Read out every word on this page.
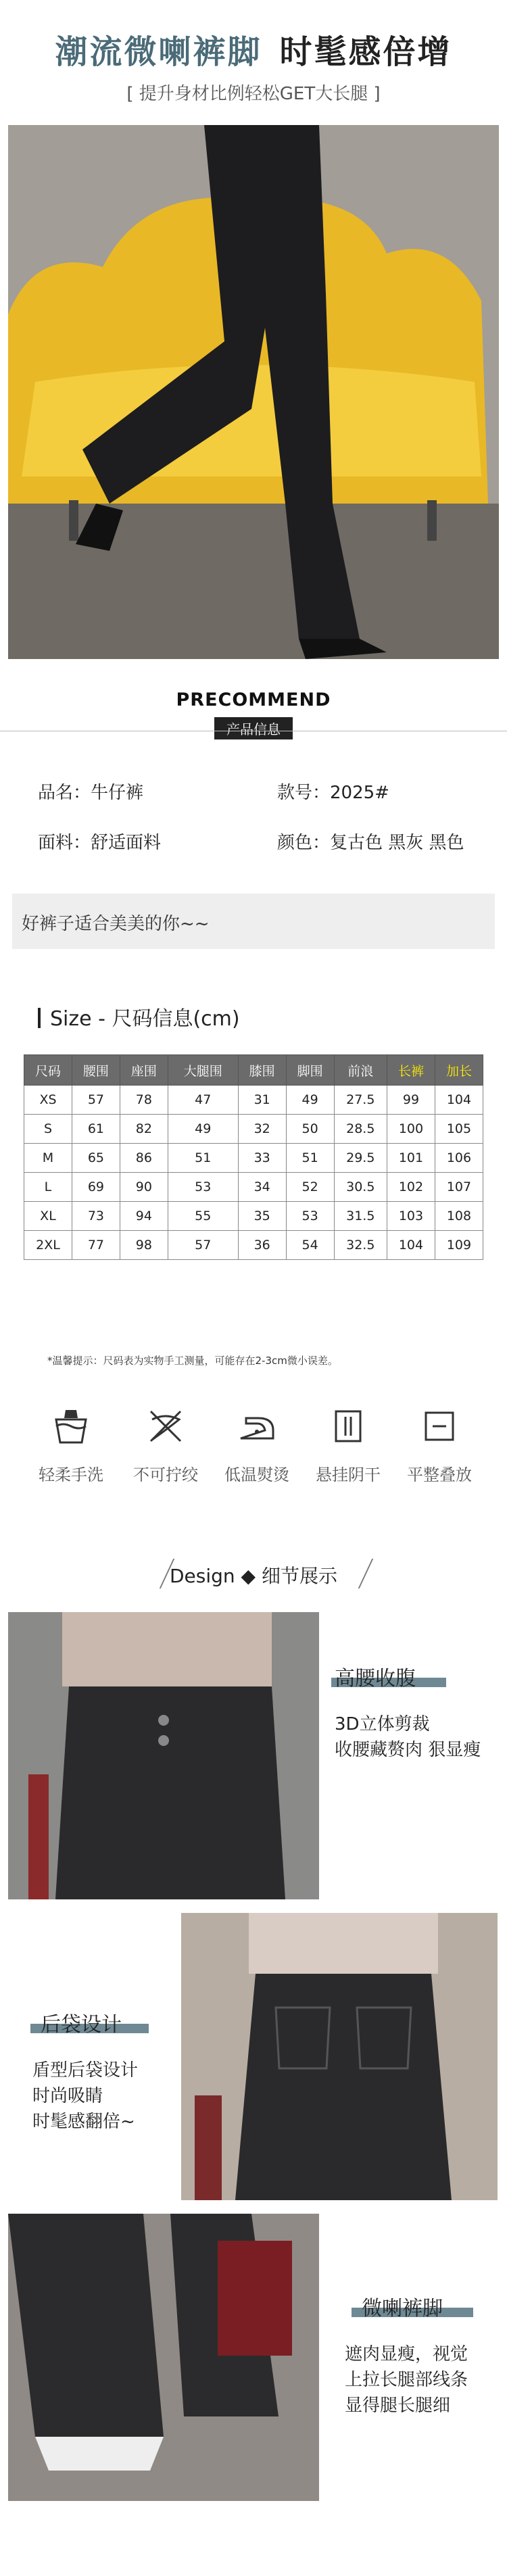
潮流微喇裤脚 时髦感倍增
[ 提升身材比例轻松GET大长腿 ]
PRECOMMEND
产品信息
品名：牛仔裤	款号：2025#
面料：舒适面料	颜色：复古色 黑灰 黑色
好裤子适合美美的你~~
Size - 尺码信息(cm)
尺码	腰围	座围	大腿围	膝围	脚围	前浪	长裤	加长
XS	57	78	47	31	49	27.5	99	104
S	61	82	49	32	50	28.5	100	105
M	65	86	51	33	51	29.5	101	106
L	69	90	53	34	52	30.5	102	107
XL	73	94	55	35	53	31.5	103	108
2XL	77	98	57	36	54	32.5	104	109
*温馨提示：尺码表为实物手工测量，可能存在2-3cm微小误差。
轻柔手洗	不可拧绞	低温熨烫	悬挂阴干	平整叠放
Design ◆ 细节展示
高腰收腹
3D立体剪裁
收腰藏赘肉 狠显瘦
后袋设计
盾型后袋设计
时尚吸睛
时髦感翻倍~
微喇裤脚
遮肉显瘦，视觉
上拉长腿部线条
显得腿长腿细
